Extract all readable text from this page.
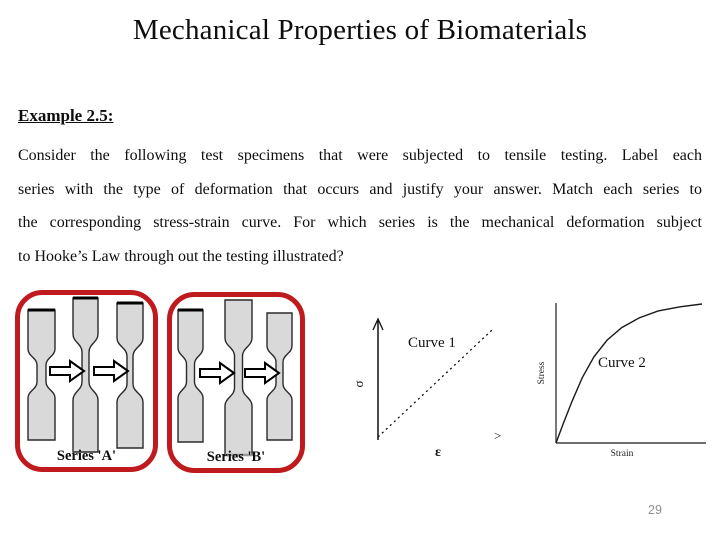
Mechanical Properties of Biomaterials
Example 2.5:
Consider the following test specimens that were subjected to tensile testing. Label each
series with the type of deformation that occurs and justify your answer. Match each series to
the corresponding stress-strain curve. For which series is the mechanical deformation subject
to Hooke’s Law through out the testing illustrated?
Series 'A'	Series 'B'
σ
Curve 1
ε
>
Stress	Curve 2
Strain
29
